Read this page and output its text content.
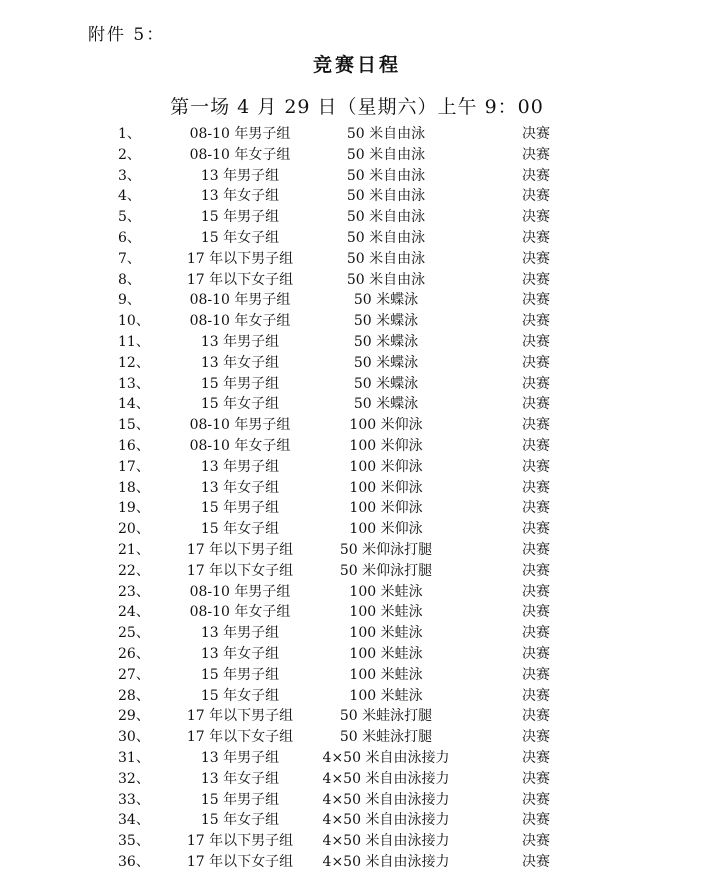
附件 5：
竞赛日程
第一场 4 月 29 日（星期六）上午 9：00
1、	08-10 年男子组	50 米自由泳	决赛
2、	08-10 年女子组	50 米自由泳	决赛
3、	13 年男子组	50 米自由泳	决赛
4、	13 年女子组	50 米自由泳	决赛
5、	15 年男子组	50 米自由泳	决赛
6、	15 年女子组	50 米自由泳	决赛
7、	17 年以下男子组	50 米自由泳	决赛
8、	17 年以下女子组	50 米自由泳	决赛
9、	08-10 年男子组	50 米蝶泳	决赛
10、	08-10 年女子组	50 米蝶泳	决赛
11、	13 年男子组	50 米蝶泳	决赛
12、	13 年女子组	50 米蝶泳	决赛
13、	15 年男子组	50 米蝶泳	决赛
14、	15 年女子组	50 米蝶泳	决赛
15、	08-10 年男子组	100 米仰泳	决赛
16、	08-10 年女子组	100 米仰泳	决赛
17、	13 年男子组	100 米仰泳	决赛
18、	13 年女子组	100 米仰泳	决赛
19、	15 年男子组	100 米仰泳	决赛
20、	15 年女子组	100 米仰泳	决赛
21、	17 年以下男子组	50 米仰泳打腿	决赛
22、	17 年以下女子组	50 米仰泳打腿	决赛
23、	08-10 年男子组	100 米蛙泳	决赛
24、	08-10 年女子组	100 米蛙泳	决赛
25、	13 年男子组	100 米蛙泳	决赛
26、	13 年女子组	100 米蛙泳	决赛
27、	15 年男子组	100 米蛙泳	决赛
28、	15 年女子组	100 米蛙泳	决赛
29、	17 年以下男子组	50 米蛙泳打腿	决赛
30、	17 年以下女子组	50 米蛙泳打腿	决赛
31、	13 年男子组	4×50 米自由泳接力	决赛
32、	13 年女子组	4×50 米自由泳接力	决赛
33、	15 年男子组	4×50 米自由泳接力	决赛
34、	15 年女子组	4×50 米自由泳接力	决赛
35、	17 年以下男子组	4×50 米自由泳接力	决赛
36、	17 年以下女子组	4×50 米自由泳接力	决赛
